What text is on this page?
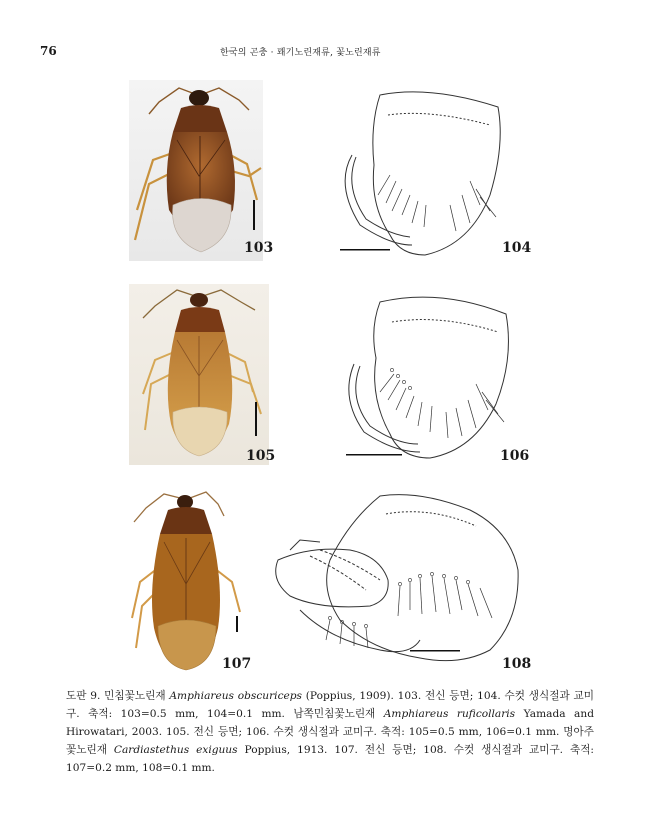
76	한국의 곤충 · 꽤기노린재류, 꽃노린재류
103	104
105	106
107	108
도판 9. 민침꽃노린재 Amphiareus obscuriceps (Poppius, 1909). 103. 전신 등면; 104. 수컷 생식절과 교미구. 축적: 103=0.5 mm, 104=0.1 mm. 남쪽민침꽃노린재 Amphiareus ruficollaris Yamada and Hirowatari, 2003. 105. 전신 등면; 106. 수컷 생식절과 교미구. 축적: 105=0.5 mm, 106=0.1 mm. 명아주꽃노린재 Cardiastethus exiguus Poppius, 1913. 107. 전신 등면; 108. 수컷 생식절과 교미구. 축적: 107=0.2 mm, 108=0.1 mm.
